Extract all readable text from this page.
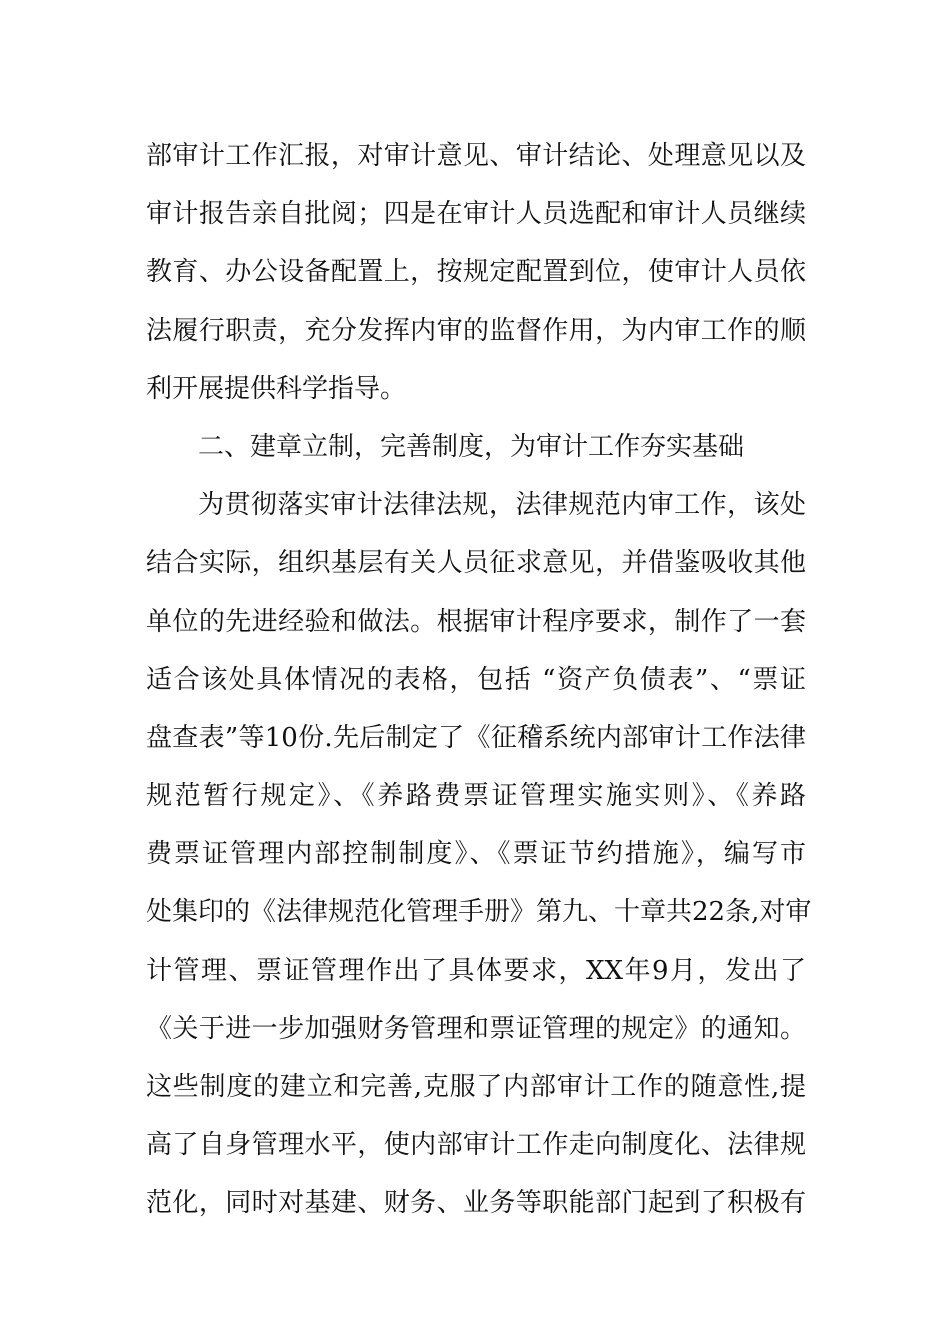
部审计工作汇报，对审计意见、审计结论、处理意见以及
审计报告亲自批阅；四是在审计人员选配和审计人员继续
教育、办公设备配置上，按规定配置到位，使审计人员依
法履行职责，充分发挥内审的监督作用，为内审工作的顺
利开展提供科学指导。
二、建章立制，完善制度，为审计工作夯实基础
为贯彻落实审计法律法规，法律规范内审工作，该处
结合实际，组织基层有关人员征求意见，并借鉴吸收其他
单位的先进经验和做法。根据审计程序要求，制作了一套
适合该处具体情况的表格，包括 “资产负债表”、“票证
盘查表”等10份.先后制定了《征稽系统内部审计工作法律
规范暂行规定》、《养路费票证管理实施实则》、《养路
费票证管理内部控制制度》、《票证节约措施》，编写市
处集印的《法律规范化管理手册》第九、十章共22条,对审
计管理、票证管理作出了具体要求，XX年9月，发出了
《关于进一步加强财务管理和票证管理的规定》的通知。
这些制度的建立和完善,克服了内部审计工作的随意性,提
高了自身管理水平，使内部审计工作走向制度化、法律规
范化，同时对基建、财务、业务等职能部门起到了积极有
